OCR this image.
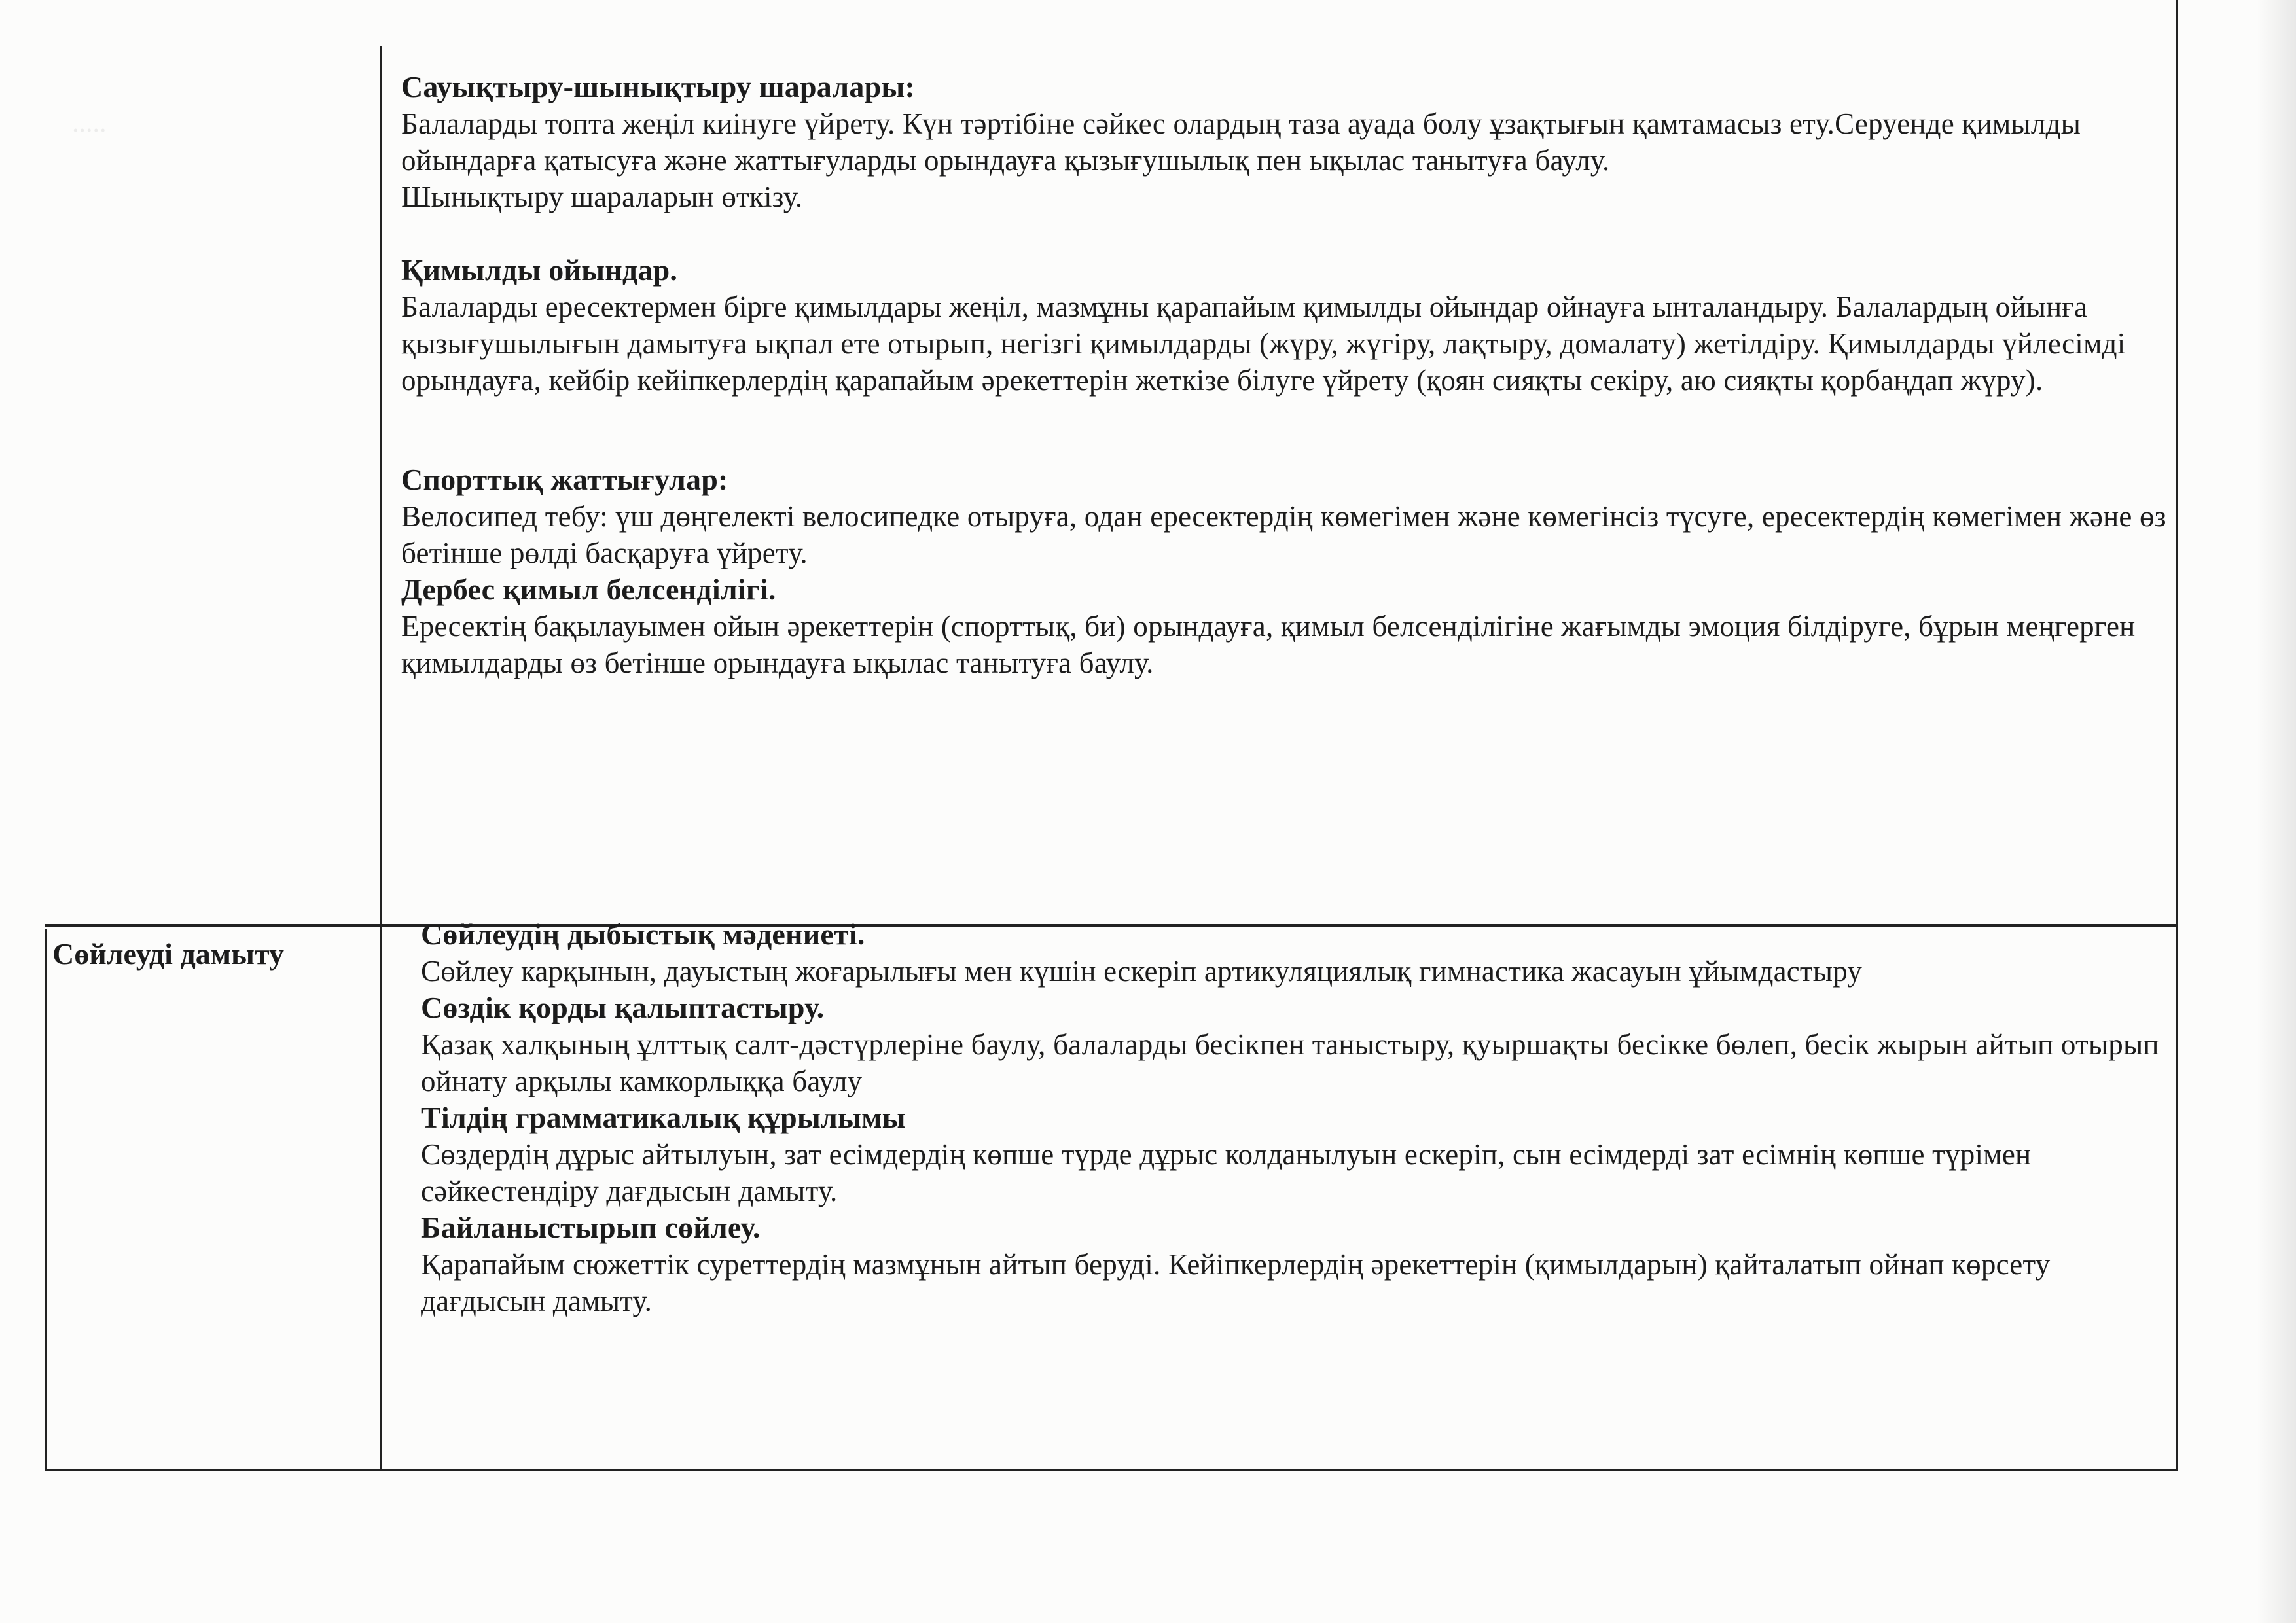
.....
Сауықтыру-шынықтыру шаралары:

Балаларды топта жеңіл киінуге үйрету. Күн тәртібіне сәйкес олардың таза ауада болу ұзақтығын қамтамасыз ету.Серуенде қимылды ойындарға қатысуға және жаттығуларды орындауға қызығушылық пен ықылас танытуға баулу.

Шынықтыру шараларын өткізу.

Қимылды ойындар.

Балаларды ересектермен бірге қимылдары жеңіл, мазмұны қарапайым қимылды ойындар ойнауға ынталандыру. Балалардың ойынға қызығушылығын дамытуға ықпал ете отырып, негізгі қимылдарды (жүру, жүгіру, лақтыру, домалату) жетілдіру. Қимылдарды үйлесімді орындауға, кейбір кейіпкерлердің қарапайым әрекеттерін жеткізе білуге үйрету (қоян сияқты секіру, аю сияқты қорбаңдап жүру).

Спорттық жаттығулар:

Велосипед тебу: үш дөңгелекті велосипедке отыруға, одан ересектердің көмегімен және көмегінсіз түсуге, ересектердің көмегімен және өз бетінше рөлді басқаруға үйрету.

Дербес қимыл белсенділігі.

Ересектің бақылауымен ойын әрекеттерін (спорттық, би) орындауға, қимыл белсенділігіне жағымды эмоция білдіруге, бұрын меңгерген қимылдарды өз бетінше орындауға ықылас танытуға баулу.

Сөйлеуді дамыту
Сөйлеудің дыбыстық мәдениеті.

Сөйлеу карқынын, дауыстың жоғарылығы мен күшін ескеріп артикуляциялық гимнастика жасауын ұйымдастыру

Сөздік қорды қалыптастыру.

Қазақ халқының ұлттық салт-дәстүрлеріне баулу, балаларды бесікпен таныстыру, қуыршақты бесікке бөлеп, бесік жырын айтып отырып ойнату арқылы камкорлыққа баулу

Тілдің грамматикалық құрылымы

Сөздердің дұрыс айтылуын, зат есімдердің көпше түрде дұрыс колданылуын ескеріп, сын есімдерді зат есімнің көпше түрімен сәйкестендіру дағдысын дамыту.

Байланыстырып сөйлеу.

Қарапайым сюжеттік суреттердің мазмұнын айтып беруді. Кейіпкерлердің әрекеттерін (қимылдарын) қайталатып ойнап көрсету дағдысын дамыту.
